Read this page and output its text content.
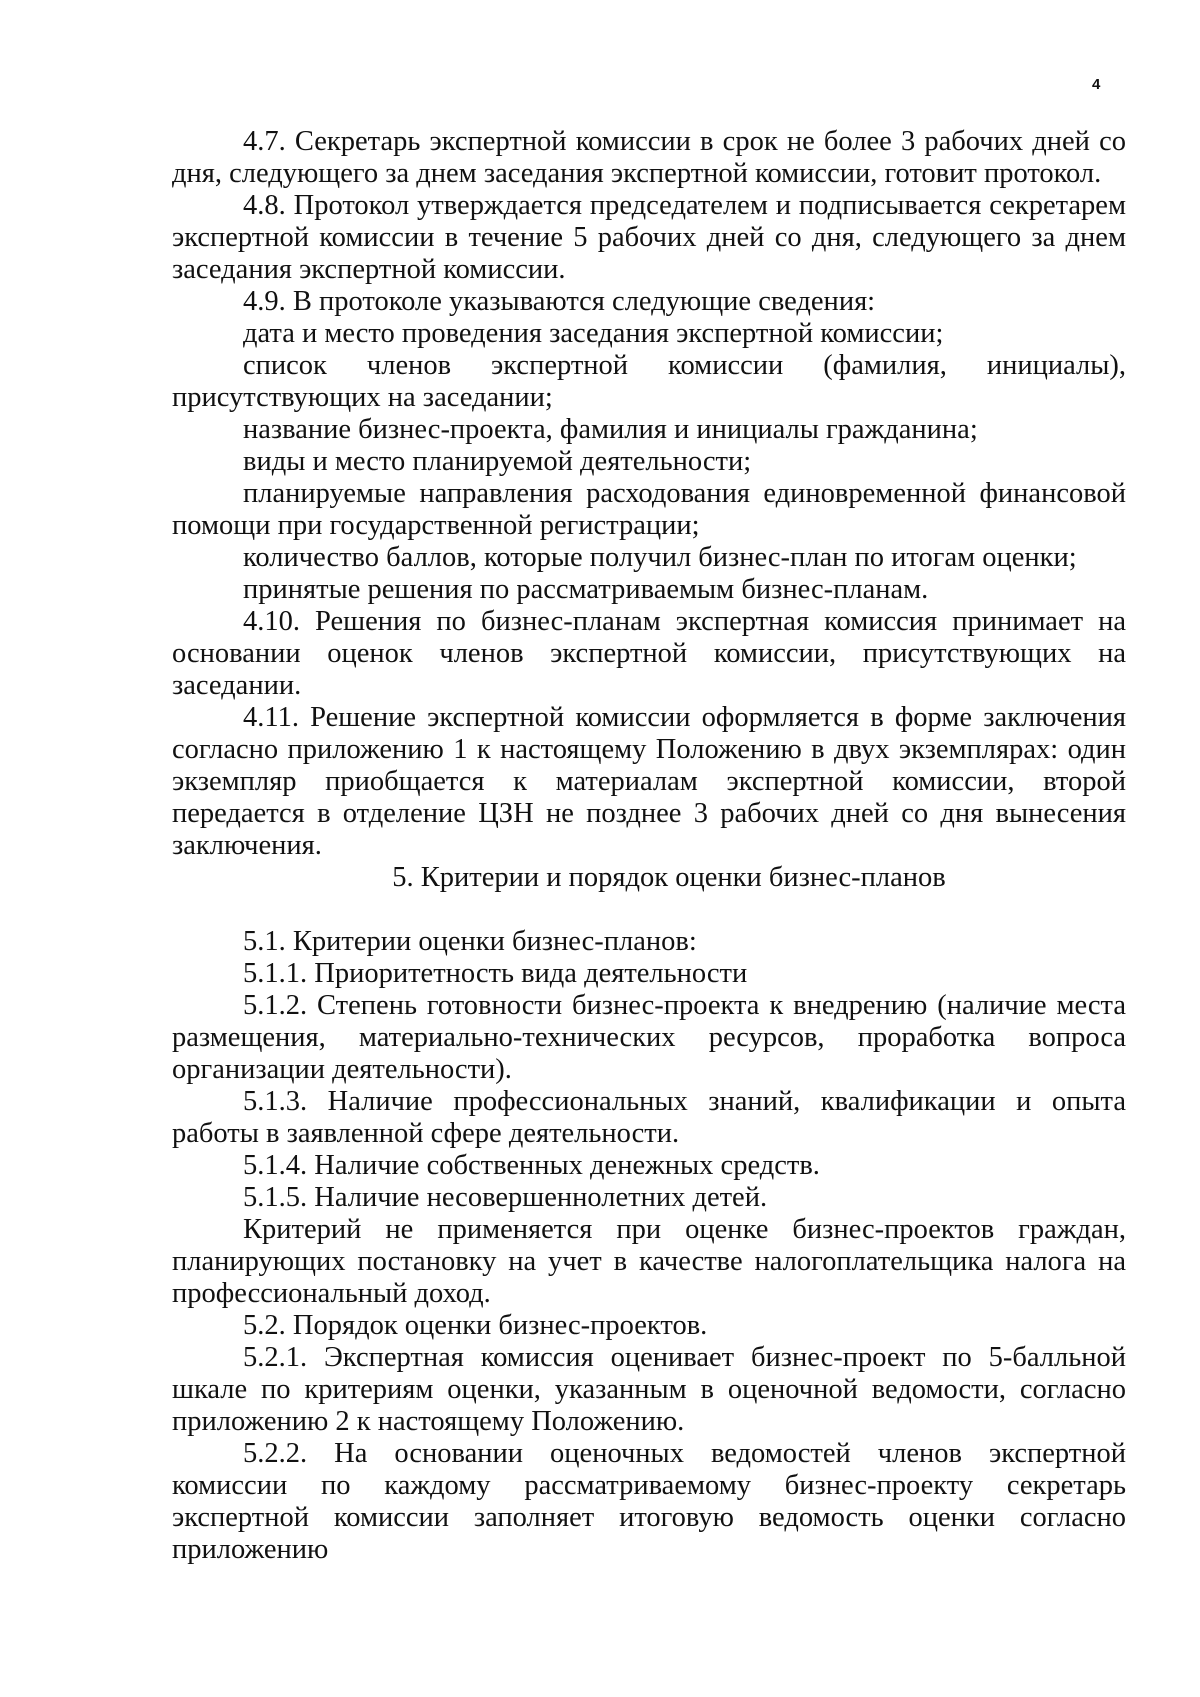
4

4.7. Секретарь экспертной комиссии в срок не более 3 рабочих дней со дня, следующего за днем заседания экспертной комиссии, готовит протокол.

4.8. Протокол утверждается председателем и подписывается секретарем экспертной комиссии в течение 5 рабочих дней со дня, следующего за днем заседания экспертной комиссии.

4.9. В протоколе указываются следующие сведения:

дата и место проведения заседания экспертной комиссии;

список членов экспертной комиссии (фамилия, инициалы), присутствующих на заседании;

название бизнес-проекта, фамилия и инициалы гражданина;

виды и место планируемой деятельности;

планируемые направления расходования единовременной финансовой помощи при государственной регистрации;

количество баллов, которые получил бизнес-план по итогам оценки;

принятые решения по рассматриваемым бизнес-планам.

4.10. Решения по бизнес-планам экспертная комиссия принимает на основании оценок членов экспертной комиссии, присутствующих на заседании.

4.11. Решение экспертной комиссии оформляется в форме заключения согласно приложению 1 к настоящему Положению в двух экземплярах: один экземпляр приобщается к материалам экспертной комиссии, второй передается в отделение ЦЗН не позднее 3 рабочих дней со дня вынесения заключения.

5. Критерии и порядок оценки бизнес-планов

5.1. Критерии оценки бизнес-планов:

5.1.1. Приоритетность вида деятельности

5.1.2. Степень готовности бизнес-проекта к внедрению (наличие места размещения, материально-технических ресурсов, проработка вопроса организации деятельности).

5.1.3. Наличие профессиональных знаний, квалификации и опыта работы в заявленной сфере деятельности.

5.1.4. Наличие собственных денежных средств.

5.1.5. Наличие несовершеннолетних детей.

Критерий не применяется при оценке бизнес-проектов граждан, планирующих постановку на учет в качестве налогоплательщика налога на профессиональный доход.

5.2. Порядок оценки бизнес-проектов.

5.2.1. Экспертная комиссия оценивает бизнес-проект по 5-балльной шкале по критериям оценки, указанным в оценочной ведомости, согласно приложению 2 к настоящему Положению.

5.2.2. На основании оценочных ведомостей членов экспертной комиссии по каждому рассматриваемому бизнес-проекту секретарь экспертной комиссии заполняет итоговую ведомость оценки согласно приложению
